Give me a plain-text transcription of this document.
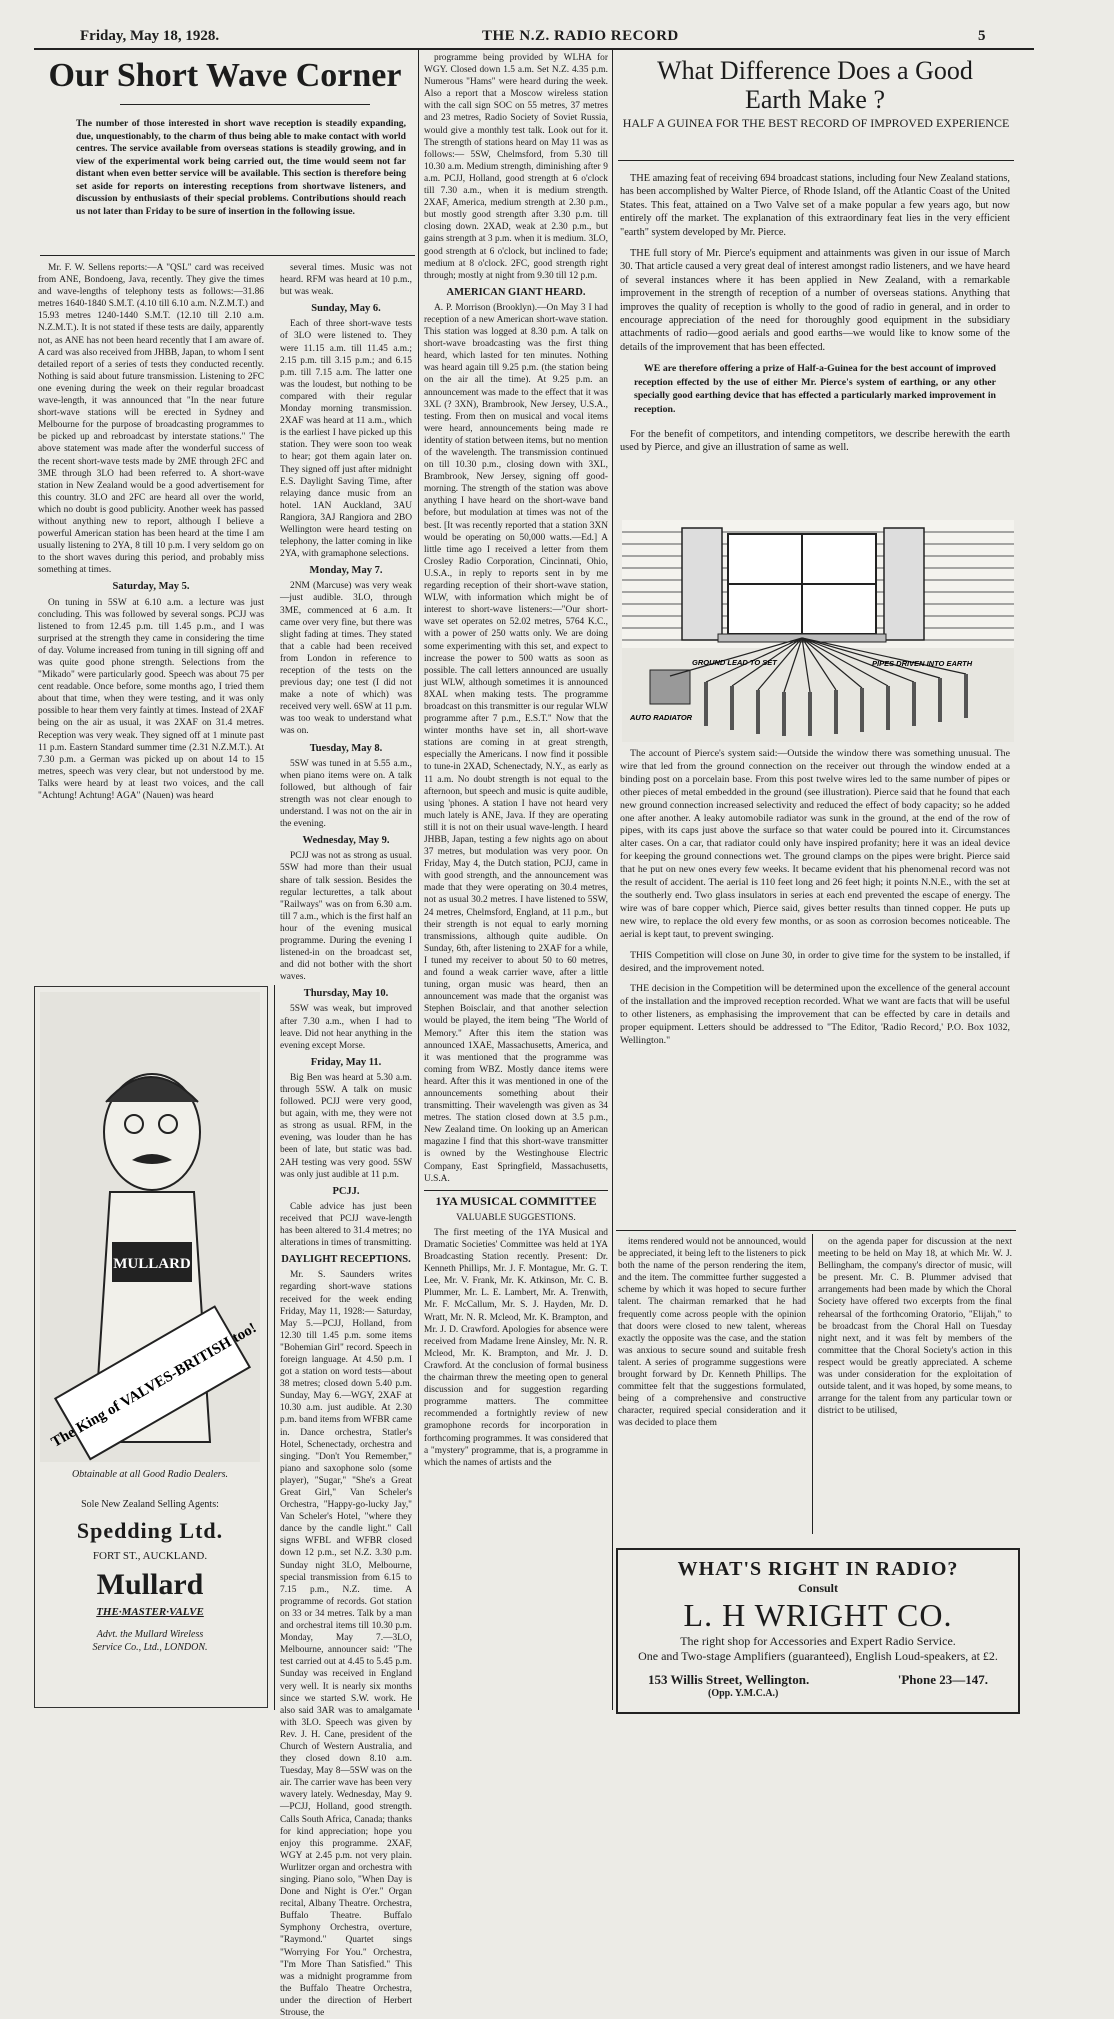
Friday, May 18, 1928.	THE N.Z. RADIO RECORD	5
Our Short Wave Corner
The number of those interested in short wave reception is steadily expanding, due, unquestionably, to the charm of thus being able to make contact with world centres. The service available from overseas stations is steadily growing, and in view of the experimental work being carried out, the time would seem not far distant when even better service will be available. This section is therefore being set aside for reports on interesting receptions from shortwave listeners, and discussion by enthusiasts of their special problems. Contributions should reach us not later than Friday to be sure of insertion in the following issue.

Mr. F. W. Sellens reports:—A "QSL" card was received from ANE, Bondoeng, Java, recently. They give the times and wave-lengths of telephony tests as follows:—31.86 metres 1640-1840 S.M.T. (4.10 till 6.10 a.m. N.Z.M.T.) and 15.93 metres 1240-1440 S.M.T. (12.10 till 2.10 a.m. N.Z.M.T.). It is not stated if these tests are daily, apparently not, as ANE has not been heard recently that I am aware of. A card was also received from JHBB, Japan, to whom I sent detailed report of a series of tests they conducted recently. Nothing is said about future transmission. Listening to 2FC one evening during the week on their regular broadcast wave-length, it was announced that "In the near future short-wave stations will be erected in Sydney and Melbourne for the purpose of broadcasting programmes to be picked up and rebroadcast by interstate stations." The above statement was made after the wonderful success of the recent short-wave tests made by 2ME through 2FC and 3ME through 3LO had been referred to. A short-wave station in New Zealand would be a good advertisement for this country. 3LO and 2FC are heard all over the world, which no doubt is good publicity. Another week has passed without anything new to report, although I believe a powerful American station has been heard at the time I am usually listening to 2YA, 8 till 10 p.m. I very seldom go on to the short waves during this period, and probably miss something at times.

Saturday, May 5.

On tuning in 5SW at 6.10 a.m. a lecture was just concluding. This was followed by several songs. PCJJ was listened to from 12.45 p.m. till 1.45 p.m., and I was surprised at the strength they came in considering the time of day. Volume increased from tuning in till signing off and was quite good phone strength. Selections from the "Mikado" were particularly good. Speech was about 75 per cent readable. Once before, some months ago, I tried them about that time, when they were testing, and it was only possible to hear them very faintly at times. Instead of 2XAF being on the air as usual, it was 2XAF on 31.4 metres. Reception was very weak. They signed off at 1 minute past 11 p.m. Eastern Standard summer time (2.31 N.Z.M.T.). At 7.30 p.m. a German was picked up on about 14 to 15 metres, speech was very clear, but not understood by me. Talks were heard by at least two voices, and the call "Achtung! Achtung! AGA" (Nauen) was heard

several times. Music was not heard. RFM was heard at 10 p.m., but was weak.

Sunday, May 6.

Each of three short-wave tests of 3LO were listened to. They were 11.15 a.m. till 11.45 a.m.; 2.15 p.m. till 3.15 p.m.; and 6.15 p.m. till 7.15 a.m. The latter one was the loudest, but nothing to be compared with their regular Monday morning transmission. 2XAF was heard at 11 a.m., which is the earliest I have picked up this station. They were soon too weak to hear; got them again later on. They signed off just after midnight E.S. Daylight Saving Time, after relaying dance music from an hotel. 1AN Auckland, 3AU Rangiora, 3AJ Rangiora and 2BO Wellington were heard testing on telephony, the latter coming in like 2YA, with gramaphone selections.

Monday, May 7.

2NM (Marcuse) was very weak—just audible. 3LO, through 3ME, commenced at 6 a.m. It came over very fine, but there was slight fading at times. They stated that a cable had been received from London in reference to reception of the tests on the previous day; one test (I did not make a note of which) was received very well. 6SW at 11 p.m. was too weak to understand what was on.

Tuesday, May 8.

5SW was tuned in at 5.55 a.m., when piano items were on. A talk followed, but although of fair strength was not clear enough to understand. I was not on the air in the evening.

Wednesday, May 9.

PCJJ was not as strong as usual. 5SW had more than their usual share of talk session. Besides the regular lecturettes, a talk about "Railways" was on from 6.30 a.m. till 7 a.m., which is the first half an hour of the evening musical programme. During the evening I listened-in on the broadcast set, and did not bother with the short waves.

Thursday, May 10.

5SW was weak, but improved after 7.30 a.m., when I had to leave. Did not hear anything in the evening except Morse.

Friday, May 11.

Big Ben was heard at 5.30 a.m. through 5SW. A talk on music followed. PCJJ were very good, but again, with me, they were not as strong as usual. RFM, in the evening, was louder than he has been of late, but static was bad. 2AH testing was very good. 5SW was only just audible at 11 p.m.

PCJJ.

Cable advice has just been received that PCJJ wave-length has been altered to 31.4 metres; no alterations in times of transmitting.

DAYLIGHT RECEPTIONS.

Mr. S. Saunders writes regarding short-wave stations received for the week ending Friday, May 11, 1928:— Saturday, May 5.—PCJJ, Holland, from 12.30 till 1.45 p.m. some items "Bohemian Girl" record. Speech in foreign language. At 4.50 p.m. I got a station on word tests—about 38 metres; closed down 5.40 p.m. Sunday, May 6.—WGY, 2XAF at 10.30 a.m. just audible. At 2.30 p.m. band items from WFBR came in. Dance orchestra, Statler's Hotel, Schenectady, orchestra and singing. "Don't You Remember," piano and saxophone solo (some player), "Sugar," "She's a Great Great Girl," Van Scheler's Orchestra, "Happy-go-lucky Jay," Van Scheler's Hotel, "where they dance by the candle light." Call signs WFBL and WFBR closed down 12 p.m., set N.Z. 3.30 p.m. Sunday night 3LO, Melbourne, special transmission from 6.15 to 7.15 p.m., N.Z. time. A programme of records. Got station on 33 or 34 metres. Talk by a man and orchestral items till 10.30 p.m. Monday, May 7.—3LO, Melbourne, announcer said: "The test carried out at 4.45 to 5.45 p.m. Sunday was received in England very well. It is nearly six months since we started S.W. work. He also said 3AR was to amalgamate with 3LO. Speech was given by Rev. J. H. Cane, president of the Church of Western Australia, and they closed down 8.10 a.m. Tuesday, May 8—5SW was on the air. The carrier wave has been very wavery lately. Wednesday, May 9.—PCJJ, Holland, good strength. Calls South Africa, Canada; thanks for kind appreciation; hope you enjoy this programme. 2XAF, WGY at 2.45 p.m. not very plain. Wurlitzer organ and orchestra with singing. Piano solo, "When Day is Done and Night is O'er." Organ recital, Albany Theatre. Orchestra, Buffalo Theatre. Buffalo Symphony Orchestra, overture, "Raymond." Quartet sings "Worrying For You." Orchestra, "I'm More Than Satisfied." This was a midnight programme from the Buffalo Theatre Orchestra, under the direction of Herbert Strouse, the

programme being provided by WLHA for WGY. Closed down 1.5 a.m. Set N.Z. 4.35 p.m. Numerous "Hams" were heard during the week. Also a report that a Moscow wireless station with the call sign SOC on 55 metres, 37 metres and 23 metres, Radio Society of Soviet Russia, would give a monthly test talk. Look out for it. The strength of stations heard on May 11 was as follows:— 5SW, Chelmsford, from 5.30 till 10.30 a.m. Medium strength, diminishing after 9 a.m. PCJJ, Holland, good strength at 6 o'clock till 7.30 a.m., when it is medium strength. 2XAF, America, medium strength at 2.30 p.m., but mostly good strength after 3.30 p.m. till closing down. 2XAD, weak at 2.30 p.m., but gains strength at 3 p.m. when it is medium. 3LO, good strength at 6 o'clock, but inclined to fade; medium at 8 o'clock. 2FC, good strength right through; mostly at night from 9.30 till 12 p.m.

AMERICAN GIANT HEARD.

A. P. Morrison (Brooklyn).—On May 3 I had reception of a new American short-wave station. This station was logged at 8.30 p.m. A talk on short-wave broadcasting was the first thing heard, which lasted for ten minutes. Nothing was heard again till 9.25 p.m. (the station being on the air all the time). At 9.25 p.m. an announcement was made to the effect that it was 3XL (? 3XN), Brambrook, New Jersey, U.S.A., testing. From then on musical and vocal items were heard, announcements being made re identity of station between items, but no mention of the wavelength. The transmission continued on till 10.30 p.m., closing down with 3XL, Brambrook, New Jersey, signing off good-morning. The strength of the station was above anything I have heard on the short-wave band before, but modulation at times was not of the best. [It was recently reported that a station 3XN would be operating on 50,000 watts.—Ed.] A little time ago I received a letter from them Crosley Radio Corporation, Cincinnati, Ohio, U.S.A., in reply to reports sent in by me regarding reception of their short-wave station, WLW, with information which might be of interest to short-wave listeners:—"Our short-wave set operates on 52.02 metres, 5764 K.C., with a power of 250 watts only. We are doing some experimenting with this set, and expect to increase the power to 500 watts as soon as possible. The call letters announced are usually just WLW, although sometimes it is announced 8XAL when making tests. The programme broadcast on this transmitter is our regular WLW programme after 7 p.m., E.S.T." Now that the winter months have set in, all short-wave stations are coming in at great strength, especially the Americans. I now find it possible to tune-in 2XAD, Schenectady, N.Y., as early as 11 a.m. No doubt strength is not equal to the afternoon, but speech and music is quite audible, using 'phones. A station I have not heard very much lately is ANE, Java. If they are operating still it is not on their usual wave-length. I heard JHBB, Japan, testing a few nights ago on about 37 metres, but modulation was very poor. On Friday, May 4, the Dutch station, PCJJ, came in with good strength, and the announcement was made that they were operating on 30.4 metres, not as usual 30.2 metres. I have listened to 5SW, 24 metres, Chelmsford, England, at 11 p.m., but their strength is not equal to early morning transmissions, although quite audible. On Sunday, 6th, after listening to 2XAF for a while, I tuned my receiver to about 50 to 60 metres, and found a weak carrier wave, after a little tuning, organ music was heard, then an announcement was made that the organist was Stephen Boisclair, and that another selection would be played, the item being "The World of Memory." After this item the station was announced 1XAE, Massachusetts, America, and it was mentioned that the programme was coming from WBZ. Mostly dance items were heard. After this it was mentioned in one of the announcements something about their transmitting. Their wavelength was given as 34 metres. The station closed down at 3.5 p.m., New Zealand time. On looking up an American magazine I find that this short-wave transmitter is owned by the Westinghouse Electric Company, East Springfield, Massachusetts, U.S.A.

1YA MUSICAL COMMITTEE
VALUABLE SUGGESTIONS.

The first meeting of the 1YA Musical and Dramatic Societies' Committee was held at 1YA Broadcasting Station recently. Present: Dr. Kenneth Phillips, Mr. J. F. Montague, Mr. G. T. Lee, Mr. V. Frank, Mr. K. Atkinson, Mr. C. B. Plummer, Mr. L. E. Lambert, Mr. A. Trenwith, Mr. F. McCallum, Mr. S. J. Hayden, Mr. D. Wratt, Mr. N. R. Mcleod, Mr. K. Brampton, and Mr. J. D. Crawford. Apologies for absence were received from Madame Irene Ainsley, Mr. N. R. Mcleod, Mr. K. Brampton, and Mr. J. D. Crawford. At the conclusion of formal business the chairman threw the meeting open to general discussion and for suggestion regarding programme matters. The committee recommended a fortnightly review of new gramophone records for incorporation in forthcoming programmes. It was considered that a "mystery" programme, that is, a programme in which the names of artists and the

MULLARD
The King of VALVES-BRITISH too!
Obtainable at all Good Radio Dealers.
Sole New Zealand Selling Agents:
Spedding Ltd.
FORT ST., AUCKLAND.
Mullard
THE·MASTER·VALVE
Advt. the Mullard Wireless Service Co., Ltd., LONDON.
What Difference Does a Good Earth Make ?
HALF A GUINEA FOR THE BEST RECORD OF IMPROVED EXPERIENCE

THE amazing feat of receiving 694 broadcast stations, including four New Zealand stations, has been accomplished by Walter Pierce, of Rhode Island, off the Atlantic Coast of the United States. This feat, attained on a Two Valve set of a make popular a few years ago, but now entirely off the market. The explanation of this extraordinary feat lies in the very efficient "earth" system developed by Mr. Pierce.

THE full story of Mr. Pierce's equipment and attainments was given in our issue of March 30. That article caused a very great deal of interest amongst radio listeners, and we have heard of several instances where it has been applied in New Zealand, with a remarkable improvement in the strength of reception of a number of overseas stations. Anything that improves the quality of reception is wholly to the good of radio in general, and in order to encourage appreciation of the need for thoroughly good equipment in the subsidiary attachments of radio—good aerials and good earths—we would like to know some of the details of the improvement that has been effected.

WE are therefore offering a prize of Half-a-Guinea for the best account of improved reception effected by the use of either Mr. Pierce's system of earthing, or any other specially good earthing device that has effected a particularly marked improvement in reception.

For the benefit of competitors, and intending competitors, we describe herewith the earth used by Pierce, and give an illustration of same as well.

GROUND LEAD TO SET
AUTO RADIATOR
PIPES DRIVEN INTO EARTH

The account of Pierce's system said:—Outside the window there was something unusual. The wire that led from the ground connection on the receiver out through the window ended at a binding post on a porcelain base. From this post twelve wires led to the same number of pipes or other pieces of metal embedded in the ground (see illustration). Pierce said that he found that each new ground connection increased selectivity and reduced the effect of body capacity; so he added one after another. A leaky automobile radiator was sunk in the ground, at the end of the row of pipes, with its caps just above the surface so that water could be poured into it. Circumstances alter cases. On a car, that radiator could only have inspired profanity; here it was an ideal device for keeping the ground connections wet. The ground clamps on the pipes were bright. Pierce said that he put on new ones every few weeks. It became evident that his phenomenal record was not the result of accident. The aerial is 110 feet long and 26 feet high; it points N.N.E., with the set at the southerly end. Two glass insulators in series at each end prevented the escape of energy. The wire was of bare copper which, Pierce said, gives better results than tinned copper. He puts up new wire, to replace the old every few months, or as soon as corrosion becomes noticeable. The aerial is kept taut, to prevent swinging.

THIS Competition will close on June 30, in order to give time for the system to be installed, if desired, and the improvement noted.

THE decision in the Competition will be determined upon the excellence of the general account of the installation and the improved reception recorded. What we want are facts that will be useful to other listeners, as emphasising the improvement that can be effected by care in details and proper equipment. Letters should be addressed to "The Editor, 'Radio Record,' P.O. Box 1032, Wellington."

items rendered would not be announced, would be appreciated, it being left to the listeners to pick both the name of the person rendering the item, and the item. The committee further suggested a scheme by which it was hoped to secure further talent. The chairman remarked that he had frequently come across people with the opinion that doors were closed to new talent, whereas exactly the opposite was the case, and the station was anxious to secure sound and suitable fresh talent. A series of programme suggestions were brought forward by Dr. Kenneth Phillips. The committee felt that the suggestions formulated, being of a comprehensive and constructive character, required special consideration and it was decided to place them

on the agenda paper for discussion at the next meeting to be held on May 18, at which Mr. W. J. Bellingham, the company's director of music, will be present. Mr. C. B. Plummer advised that arrangements had been made by which the Choral Society have offered two excerpts from the final rehearsal of the forthcoming Oratorio, "Elijah," to be broadcast from the Choral Hall on Tuesday night next, and it was felt by members of the committee that the Choral Society's action in this respect would be greatly appreciated. A scheme was under consideration for the exploitation of outside talent, and it was hoped, by some means, to arrange for the talent from any particular town or district to be utilised,

WHAT'S RIGHT IN RADIO?
Consult
L. H WRIGHT CO.
The right shop for Accessories and Expert Radio Service.
One and Two-stage Amplifiers (guaranteed), English Loud-speakers, at £2.
153 Willis Street, Wellington.	'Phone 23—147.
(Opp. Y.M.C.A.)
